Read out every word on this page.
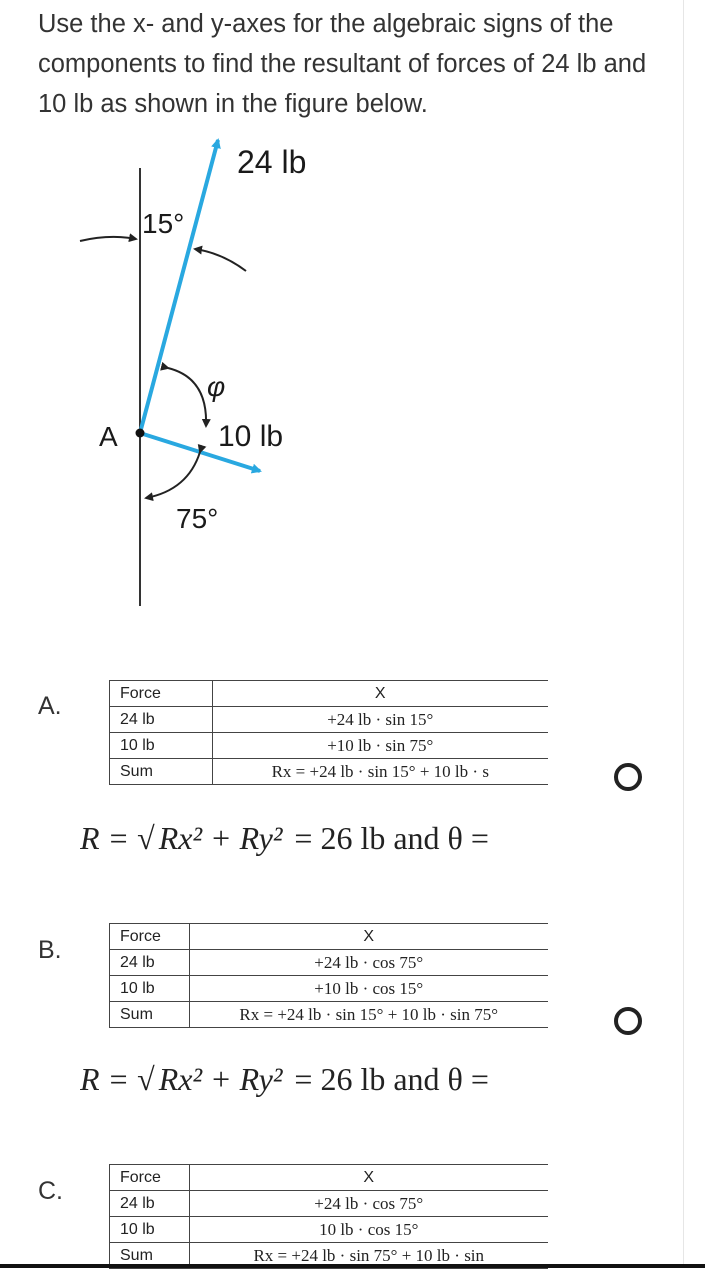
Use the x- and y-axes for the algebraic signs of the components to find the resultant of forces of 24 lb and 10 lb as shown in the figure below.
24 lb
15°
φ
A	10 lb
75°
A.	Force	X
24 lb	+24 lb · sin 15°
10 lb	+10 lb · sin 75°
Sum	Rx = +24 lb · sin 15° + 10 lb · s
R = √ Rx² + Ry² = 26 lb and θ =
B.	Force	X
24 lb	+24 lb · cos 75°
10 lb	+10 lb · cos 15°
Sum	Rx = +24 lb · sin 15° + 10 lb · sin 75°
R = √ Rx² + Ry² = 26 lb and θ =
C.	Force	X
24 lb	+24 lb · cos 75°
10 lb	10 lb · cos 15°
Sum	Rx = +24 lb · sin 75° + 10 lb · sin
